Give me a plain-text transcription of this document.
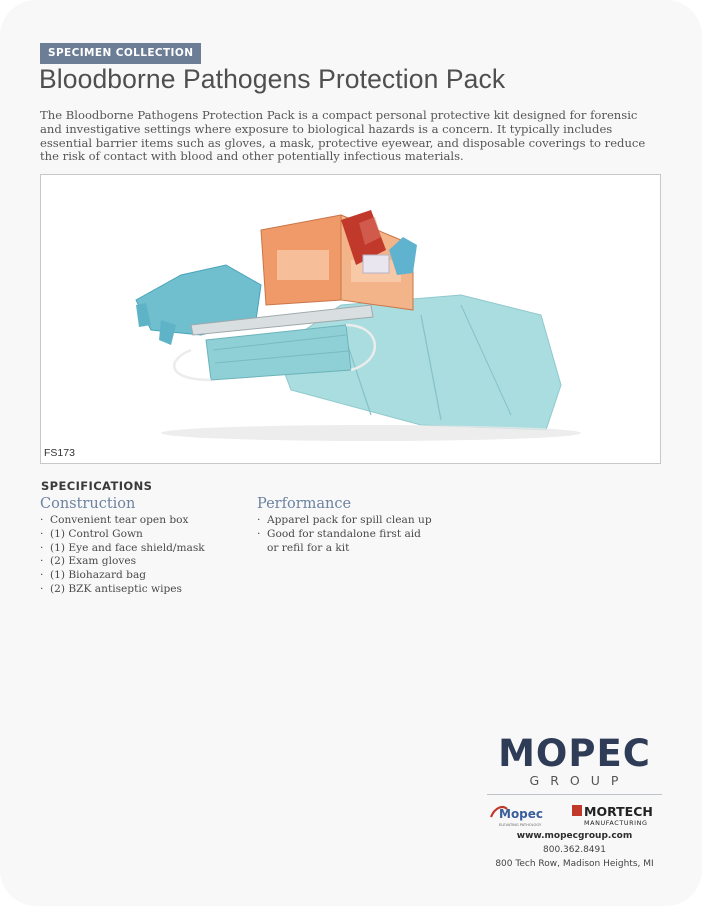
SPECIMEN COLLECTION
Bloodborne Pathogens Protection Pack

The Bloodborne Pathogens Protection Pack is a compact personal protective kit designed for forensic and investigative settings where exposure to biological hazards is a concern. It typically includes essential barrier items such as gloves, a mask, protective eyewear, and disposable coverings to reduce the risk of contact with blood and other potentially infectious materials.

FS173
SPECIFICATIONS
Construction
· Convenient tear open box
· (1) Control Gown
· (1) Eye and face shield/mask
· (2) Exam gloves
· (1) Biohazard bag
· (2) BZK antiseptic wipes
Performance
· Apparel pack for spill clean up
· Good for standalone first aid or refil for a kit
MOPEC
GROUP
Mopec
ELEVATING PATHOLOGY
MORTECH
MANUFACTURING
www.mopecgroup.com
800.362.8491
800 Tech Row, Madison Heights, MI
